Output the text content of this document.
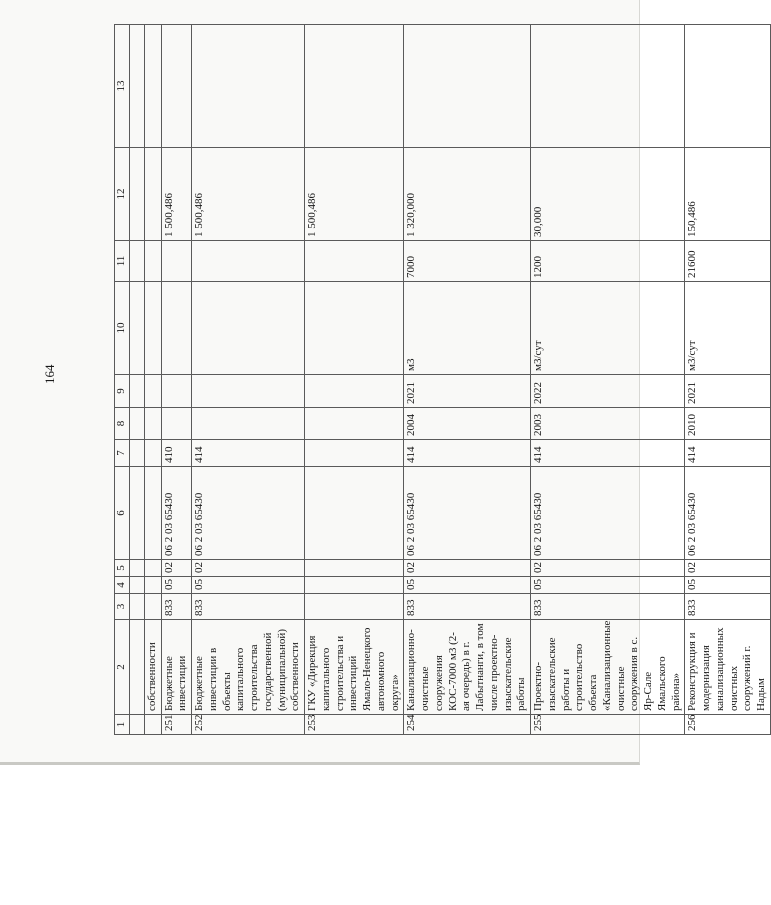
164
1	2	3	4	5	6	7	8	9	10	11	12	13

	собственности											
251	Бюджетные инвестиции	833	05	02	06 2 03 65430	410					1 500,486	
252	Бюджетные инвестиции в объекты капитального строительства государственной (муниципальной) собственности	833	05	02	06 2 03 65430	414					1 500,486	
253	ГКУ «Дирекция капитального строительства и инвестиций Ямало-Ненецкого автономного округа»										1 500,486	
254	Канализационно-очистные сооружения КОС-7000 м3 (2-ая очередь) в г. Лабытнанги, в том числе проектно-изыскательские работы	833	05	02	06 2 03 65430	414	2004	2021	м3	7000	1 320,000	
255	Проектно-изыскательские работы и строительство объекта «Канализационные очистные сооружения в с. Яр-Сале Ямальского района»	833	05	02	06 2 03 65430	414	2003	2022	м3/сут	1200	30,000	
256	Реконструкция и модернизация канализационных очистных сооружений г. Надым	833	05	02	06 2 03 65430	414	2010	2021	м3/сут	21600	150,486	
